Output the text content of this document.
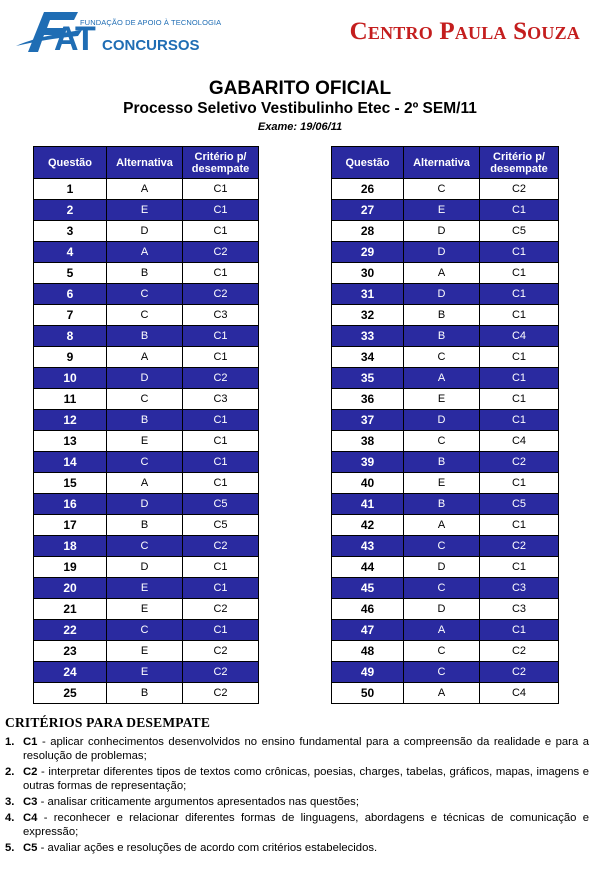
FUNDAÇÃO DE APOIO À TECNOLOGIA
AT CONCURSOS
Centro Paula Souza
GABARITO OFICIAL
Processo Seletivo Vestibulinho Etec - 2º SEM/11
Exame: 19/06/11
Questão	Alternativa	Critério p/ desempate
1	A	C1
2	E	C1
3	D	C1
4	A	C2
5	B	C1
6	C	C2
7	C	C3
8	B	C1
9	A	C1
10	D	C2
11	C	C3
12	B	C1
13	E	C1
14	C	C1
15	A	C1
16	D	C5
17	B	C5
18	C	C2
19	D	C1
20	E	C1
21	E	C2
22	C	C1
23	E	C2
24	E	C2
25	B	C2
Questão	Alternativa	Critério p/ desempate
26	C	C2
27	E	C1
28	D	C5
29	D	C1
30	A	C1
31	D	C1
32	B	C1
33	B	C4
34	C	C1
35	A	C1
36	E	C1
37	D	C1
38	C	C4
39	B	C2
40	E	C1
41	B	C5
42	A	C1
43	C	C2
44	D	C1
45	C	C3
46	D	C3
47	A	C1
48	C	C2
49	C	C2
50	A	C4
CRITÉRIOS PARA DESEMPATE
1. C1 - aplicar conhecimentos desenvolvidos no ensino fundamental para a compreensão da realidade e para a resolução de problemas;
2. C2 - interpretar diferentes tipos de textos como crônicas, poesias, charges, tabelas, gráficos, mapas, imagens e outras formas de representação;
3. C3 - analisar criticamente argumentos apresentados nas questões;
4. C4 - reconhecer e relacionar diferentes formas de linguagens, abordagens e técnicas de comunicação e expressão;
5. C5 - avaliar ações e resoluções de acordo com critérios estabelecidos.
